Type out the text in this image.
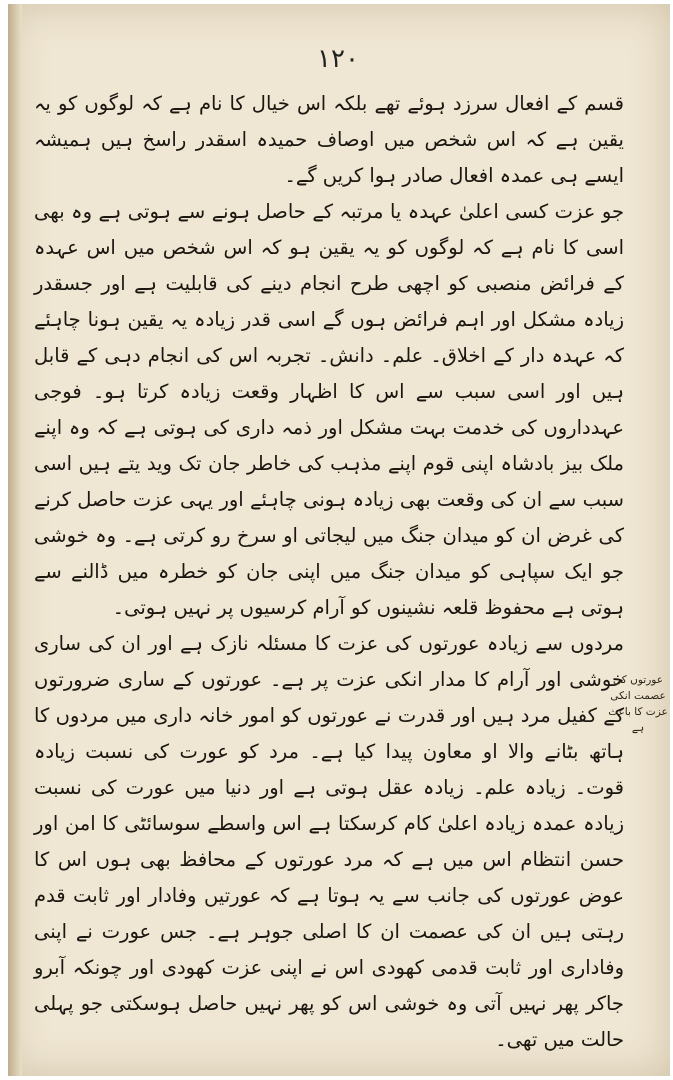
١٢٠

قسم کے افعال سرزد ہوئے تھے بلکہ اس خیال کا نام ہے کہ لوگوں کو یہ یقین ہے کہ اس شخص میں اوصاف حمیدہ اسقدر راسخ ہیں ہمیشہ ایسے ہی عمدہ افعال صادر ہوا کریں گے۔

جو عزت کسی اعلیٰ عہدہ یا مرتبہ کے حاصل ہونے سے ہوتی ہے وہ بھی اسی کا نام ہے کہ لوگوں کو یہ یقین ہو کہ اس شخص میں اس عہدہ کے فرائض منصبی کو اچھی طرح انجام دینے کی قابلیت ہے اور جسقدر زیادہ مشکل اور اہم فرائض ہوں گے اسی قدر زیادہ یہ یقین ہونا چاہئے کہ عہدہ دار کے اخلاق۔ علم۔ دانش۔ تجربہ اس کی انجام دہی کے قابل ہیں اور اسی سبب سے اس کا اظہار وقعت زیادہ کرتا ہو۔ فوجی عہدداروں کی خدمت بہت مشکل اور ذمہ داری کی ہوتی ہے کہ وہ اپنے ملک بیز بادشاہ اپنی قوم اپنے مذہب کی خاطر جان تک وید یتے ہیں اسی سبب سے ان کی وقعت بھی زیادہ ہونی چاہئے اور یہی عزت حاصل کرنے کی غرض ان کو میدان جنگ میں لیجاتی او سرخ رو کرتی ہے۔ وہ خوشی جو ایک سپاہی کو میدان جنگ میں اپنی جان کو خطرہ میں ڈالنے سے ہوتی ہے محفوظ قلعہ نشینوں کو آرام کرسیوں پر نہیں ہوتی۔

مردوں سے زیادہ عورتوں کی عزت کا مسئلہ نازک ہے اور ان کی ساری خوشی اور آرام کا مدار انکی عزت پر ہے۔ عورتوں کے ساری ضرورتوں کے کفیل مرد ہیں اور قدرت نے عورتوں کو امور خانہ داری میں مردوں کا ہاتھ بٹانے والا او معاون پیدا کیا ہے۔ مرد کو عورت کی نسبت زیادہ قوت۔ زیادہ علم۔ زیادہ عقل ہوتی ہے اور دنیا میں عورت کی نسبت زیادہ عمدہ زیادہ اعلیٰ کام کرسکتا ہے اس واسطے سوسائٹی کا امن اور حسن انتظام اس میں ہے کہ مرد عورتوں کے محافظ بھی ہوں اس کا عوض عورتوں کی جانب سے یہ ہوتا ہے کہ عورتیں وفادار اور ثابت قدم رہتی ہیں ان کی عصمت ان کا اصلی جوہر ہے۔ جس عورت نے اپنی وفاداری اور ثابت قدمی کھودی اس نے اپنی عزت کھودی اور چونکہ آبرو جاکر پھر نہیں آتی وہ خوشی اس کو پھر نہیں حاصل ہوسکتی جو پہلی حالت میں تھی۔

عورتوں کی عصمت انکی عزت کا باعث ہے
